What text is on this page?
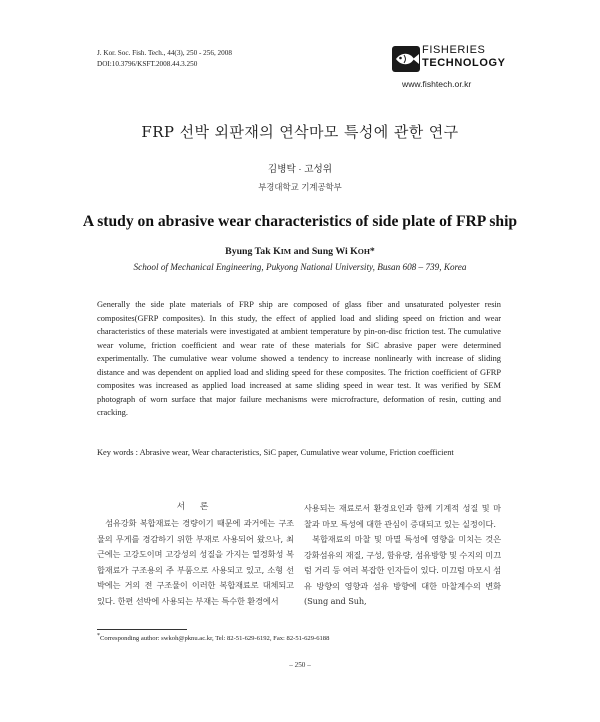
J. Kor. Soc. Fish. Tech., 44(3), 250 - 256, 2008
DOI:10.3796/KSFT.2008.44.3.250
FISHERIES
TECHNOLOGY
www.fishtech.or.kr
FRP 선박 외판재의 연삭마모 특성에 관한 연구
김병탁 · 고성위
부경대학교 기계공학부
A study on abrasive wear characteristics of side plate of FRP ship
Byung Tak KIM and Sung Wi KOH*
School of Mechanical Engineering, Pukyong National University, Busan 608 – 739, Korea
Generally the side plate materials of FRP ship are composed of glass fiber and unsaturated polyester resin composites(GFRP composites). In this study, the effect of applied load and sliding speed on friction and wear characteristics of these materials were investigated at ambient temperature by pin-on-disc friction test. The cumulative wear volume, friction coefficient and wear rate of these materials for SiC abrasive paper were determined experimentally. The cumulative wear volume showed a tendency to increase nonlinearly with increase of sliding distance and was dependent on applied load and sliding speed for these composites. The friction coefficient of GFRP composites was increased as applied load increased at same sliding speed in wear test. It was verified by SEM photograph of worn surface that major failure mechanisms were microfracture, deformation of resin, cutting and cracking.
Key words : Abrasive wear, Wear characteristics, SiC paper, Cumulative wear volume, Friction coefficient

서 론

섬유강화 복합재료는 경량이기 때문에 과거에는 구조물의 무게를 경감하기 위한 부재로 사용되어 왔으나, 최근에는 고강도이며 고강성의 성질을 가지는 열경화성 복합재료가 구조용의 주 부품으로 사용되고 있고, 소형 선박에는 거의 전 구조물이 이러한 복합재료로 대체되고 있다. 한편 선박에 사용되는 부재는 특수한 환경에서

사용되는 재료로서 환경요인과 함께 기계적 성질 및 마찰과 마모 특성에 대한 관심이 증대되고 있는 실정이다.

복합재료의 마찰 및 마멸 특성에 영향을 미치는 것은 강화섬유의 재질, 구성, 함유량, 섬유방향 및 수지의 미끄럼 거리 등 여러 복잡한 인자들이 있다. 미끄럼 마모시 섬유 방향의 영향과 섬유 방향에 대한 마찰계수의 변화(Sung and Suh,

*Corresponding author: swkoh@pknu.ac.kr, Tel: 82-51-629-6192, Fax: 82-51-629-6188
– 250 –
